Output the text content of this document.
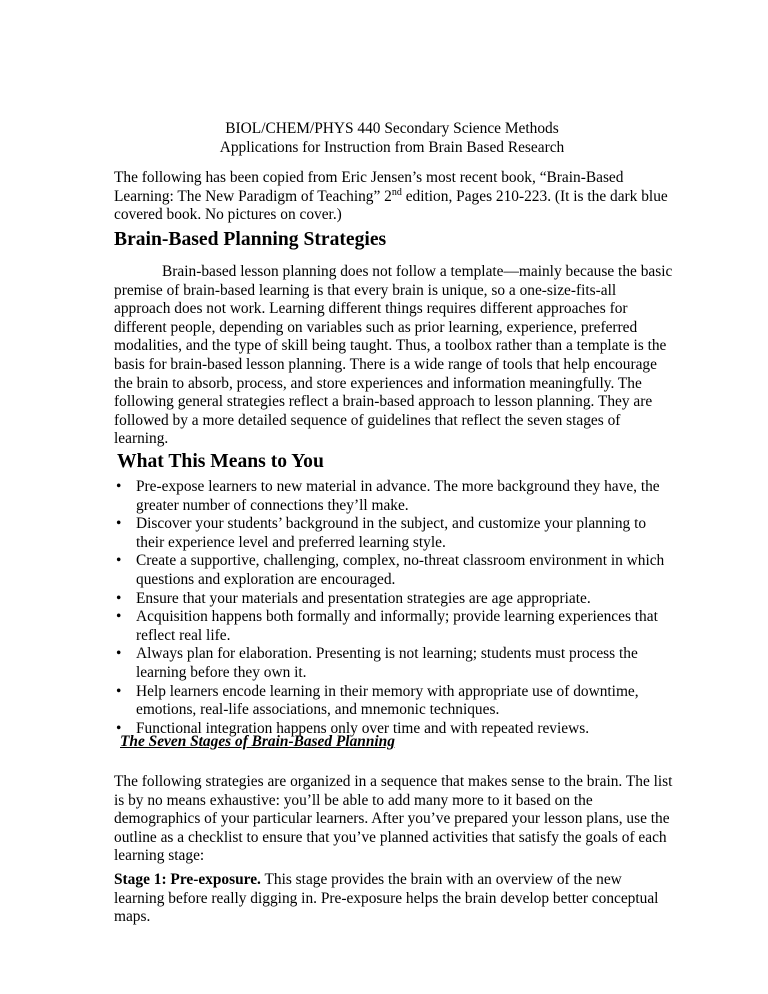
BIOL/CHEM/PHYS 440 Secondary Science Methods
Applications for Instruction from Brain Based Research
The following has been copied from Eric Jensen’s most recent book, “Brain-Based Learning: The New Paradigm of Teaching” 2nd edition, Pages 210-223. (It is the dark blue covered book. No pictures on cover.)
Brain-Based Planning Strategies
Brain-based lesson planning does not follow a template—mainly because the basic premise of brain-based learning is that every brain is unique, so a one-size-fits-all approach does not work. Learning different things requires different approaches for different people, depending on variables such as prior learning, experience, preferred modalities, and the type of skill being taught. Thus, a toolbox rather than a template is the basis for brain-based lesson planning. There is a wide range of tools that help encourage the brain to absorb, process, and store experiences and information meaningfully. The following general strategies reflect a brain-based approach to lesson planning. They are followed by a more detailed sequence of guidelines that reflect the seven stages of learning.
What This Means to You
• Pre-expose learners to new material in advance. The more background they have, the greater number of connections they’ll make.
• Discover your students’ background in the subject, and customize your planning to their experience level and preferred learning style.
• Create a supportive, challenging, complex, no-threat classroom environment in which questions and exploration are encouraged.
• Ensure that your materials and presentation strategies are age appropriate.
• Acquisition happens both formally and informally; provide learning experiences that reflect real life.
• Always plan for elaboration. Presenting is not learning; students must process the learning before they own it.
• Help learners encode learning in their memory with appropriate use of downtime, emotions, real-life associations, and mnemonic techniques.
• Functional integration happens only over time and with repeated reviews.
The Seven Stages of Brain-Based Planning
The following strategies are organized in a sequence that makes sense to the brain. The list is by no means exhaustive: you’ll be able to add many more to it based on the demographics of your particular learners. After you’ve prepared your lesson plans, use the outline as a checklist to ensure that you’ve planned activities that satisfy the goals of each learning stage:
Stage 1: Pre-exposure. This stage provides the brain with an overview of the new learning before really digging in. Pre-exposure helps the brain develop better conceptual maps.
